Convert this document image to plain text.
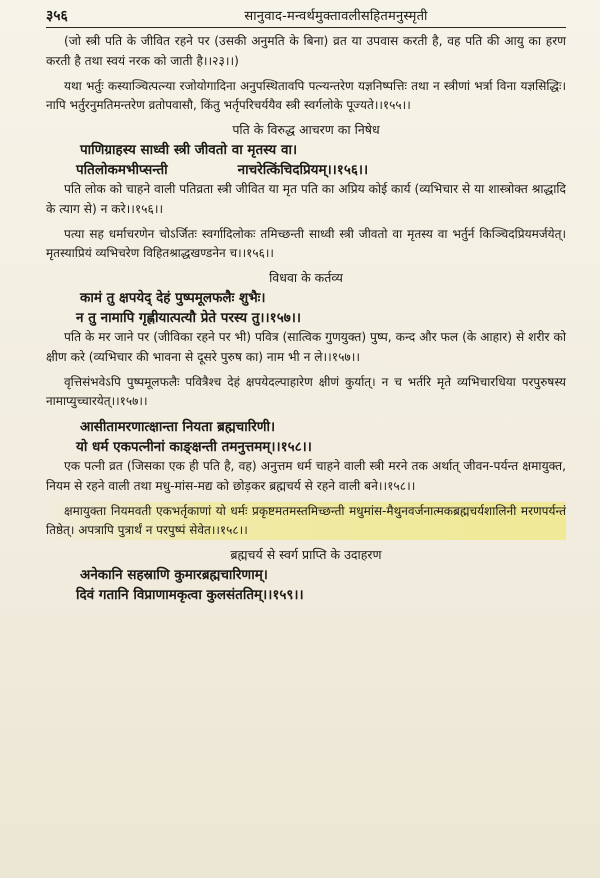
३५६	सानुवाद-मन्वर्थमुक्तावलीसहितमनुस्मृती

(जो स्त्री पति के जीवित रहने पर (उसकी अनुमति के बिना) व्रत या उपवास करती है, वह पति की आयु का हरण करती है तथा स्वयं नरक को जाती है।।२३।।)

यथा भर्तुः कस्याञ्चित्पत्न्या रजोयोगादिना अनुपस्थितावपि पत्न्यन्तरेण यज्ञनिष्पत्तिः तथा न स्त्रीणां भर्त्रा विना यज्ञसिद्धिः। नापि भर्तुरनुमतिमन्तरेण व्रतोपवासौ, किंतु भर्तृपरिचर्ययैव स्त्री स्वर्गलोके पूज्यते।।१५५।।

पति के विरुद्ध आचरण का निषेध

पाणिग्राहस्य साध्वी स्त्री जीवतो वा मृतस्य वा।

पतिलोकमभीप्सन्ती	नाचरेत्किंचिदप्रियम्।।१५६।।

पति लोक को चाहने वाली पतिव्रता स्त्री जीवित या मृत पति का अप्रिय कोई कार्य (व्यभिचार से या शास्त्रोक्त श्राद्धादि के त्याग से) न करे।।१५६।।

पत्या सह धर्माचरणेन चोऽर्जितः स्वर्गादिलोकः तमिच्छन्ती साध्वी स्त्री जीवतो वा मृतस्य वा भर्तुर्न किञ्चिदप्रियमर्जयेत्। मृतस्याप्रियं व्यभिचरेण विहितश्राद्धखण्डनेन च।।१५६।।

विधवा के कर्तव्य

कामं तु क्षपयेद् देहं पुष्पमूलफलैः शुभैः।

न तु नामापि गृह्णीयात्पत्यौ प्रेते परस्य तु।।१५७।।

पति के मर जाने पर (जीविका रहने पर भी) पवित्र (सात्विक गुणयुक्त) पुष्प, कन्द और फल (के आहार) से शरीर को क्षीण करे (व्यभिचार की भावना से दूसरे पुरुष का) नाम भी न ले।।१५७।।

वृत्तिसंभवेऽपि पुष्पमूलफलैः पवित्रैश्च देहं क्षपयेदल्पाहारेण क्षीणं कुर्यात्। न च भर्तरि मृते व्यभिचारधिया परपुरुषस्य नामाप्युच्चारयेत्।।१५७।।

आसीतामरणात्क्षान्ता नियता ब्रह्मचारिणी।

यो धर्म एकपत्नीनां काङ्क्षन्ती तमनुत्तमम्।।१५८।।

एक पत्नी व्रत (जिसका एक ही पति है, वह) अनुत्तम धर्म चाहने वाली स्त्री मरने तक अर्थात् जीवन-पर्यन्त क्षमायुक्त, नियम से रहने वाली तथा मधु-मांस-मद्य को छोड़कर ब्रह्मचर्य से रहने वाली बने।।१५८।।

क्षमायुक्ता नियमवती एकभर्तृकाणां यो धर्मः प्रकृष्टमतमस्तमिच्छन्ती मधुमांस-मैथुनवर्जनात्मकब्रह्मचर्यशालिनी मरणपर्यन्तं तिष्ठेत्। अपत्रापि पुत्रार्थं न परपुष्पं सेवेत।।१५८।।

ब्रह्मचर्य से स्वर्ग प्राप्ति के उदाहरण

अनेकानि सहस्राणि कुमारब्रह्मचारिणाम्।

दिवं गतानि विप्राणामकृत्वा कुलसंततिम्।।१५९।।
